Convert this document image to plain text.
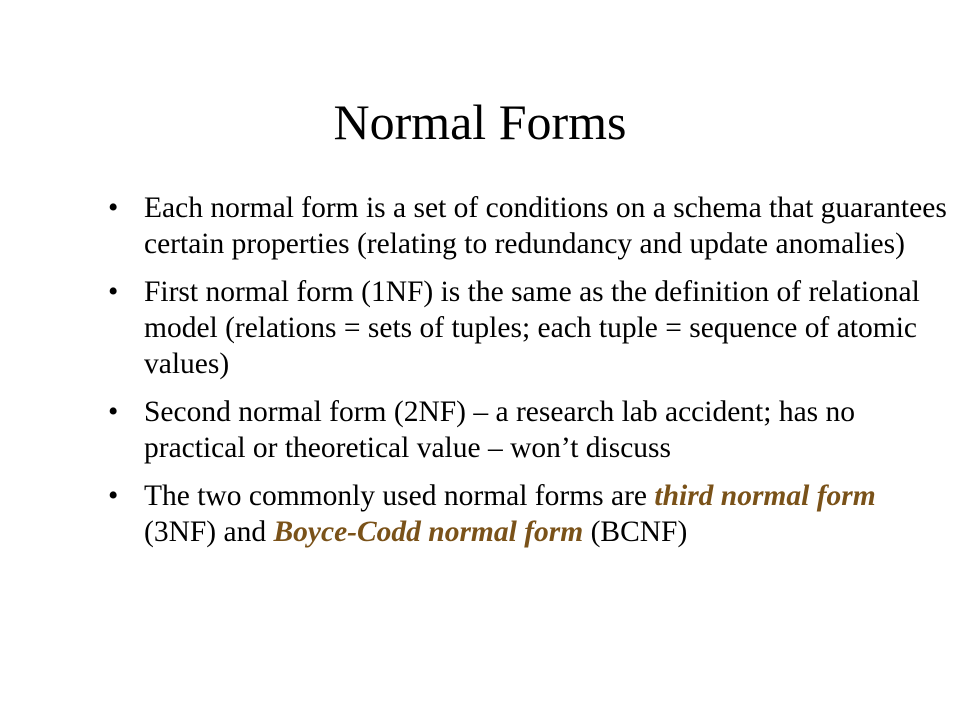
Normal Forms
• Each normal form is a set of conditions on a schema that guarantees certain properties (relating to redundancy and update anomalies)
• First normal form (1NF) is the same as the definition of relational model (relations = sets of tuples; each tuple = sequence of atomic values)
• Second normal form (2NF) – a research lab accident; has no practical or theoretical value – won’t discuss
• The two commonly used normal forms are third normal form (3NF) and Boyce-Codd normal form (BCNF)
